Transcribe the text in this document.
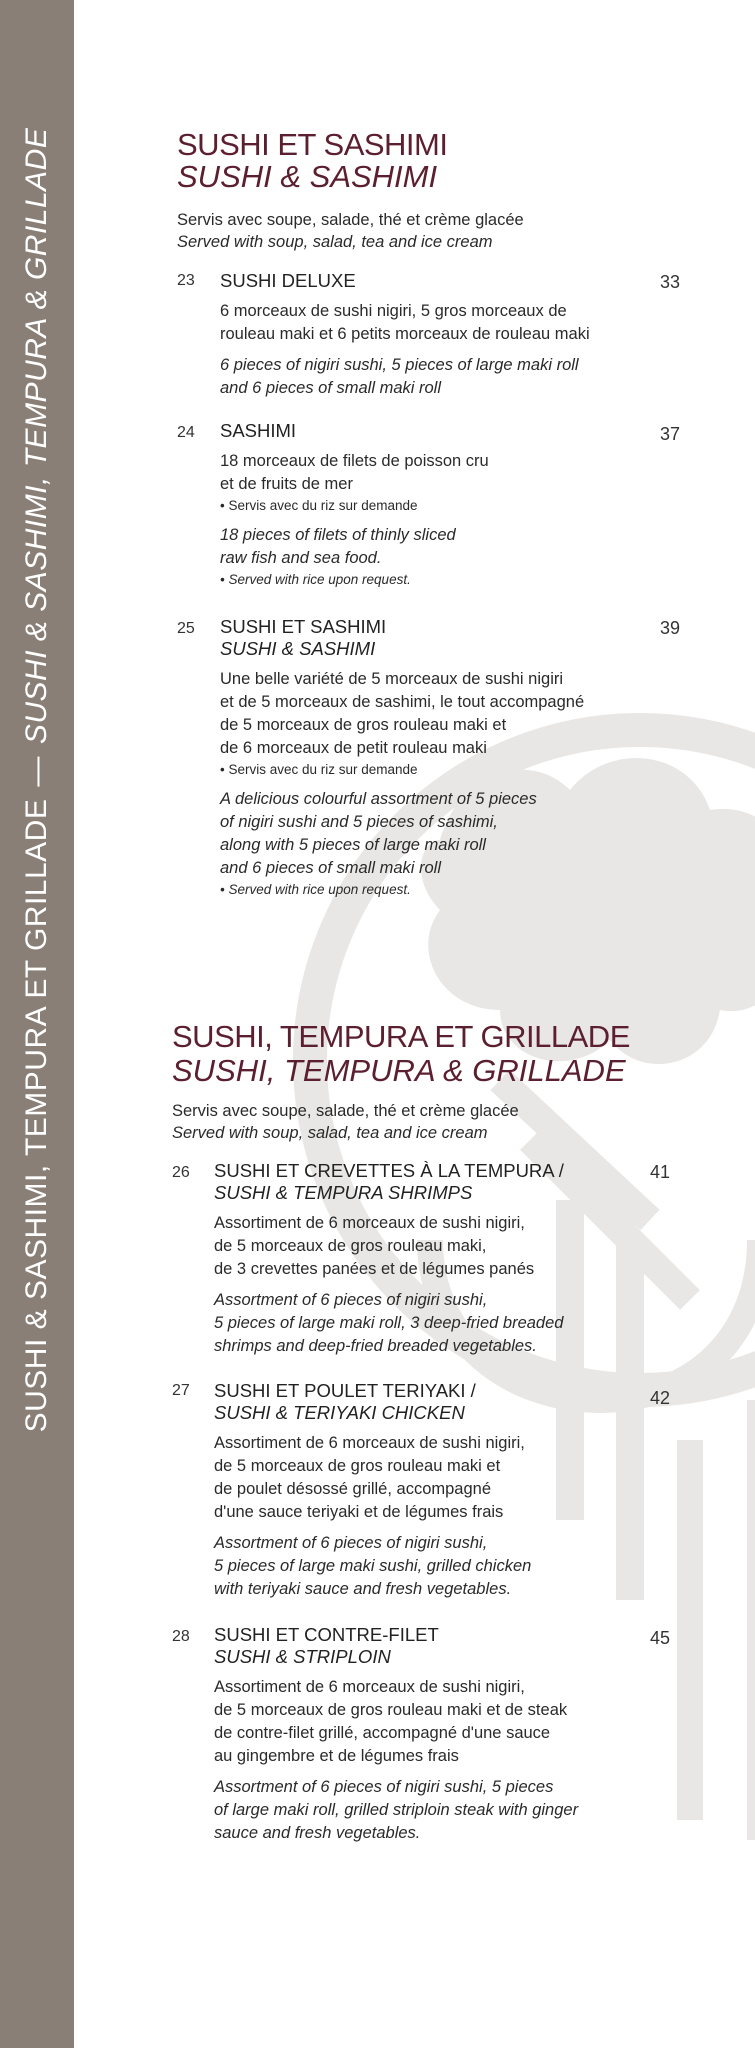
SUSHI & SASHIMI, TEMPURA ET GRILLADE—SUSHI & SASHIMI, TEMPURA & GRILLADE	SUSHI ET SASHIMI
SUSHI & SASHIMI
Servis avec soupe, salade, thé et crème glacée
Served with soup, salad, tea and ice cream
23	33
SUSHI DELUXE
6 morceaux de sushi nigiri, 5 gros morceaux de
rouleau maki et 6 petits morceaux de rouleau maki
6 pieces of nigiri sushi, 5 pieces of large maki roll
and 6 pieces of small maki roll
24	37
SASHIMI
18 morceaux de filets de poisson cru
et de fruits de mer
• Servis avec du riz sur demande
18 pieces of filets of thinly sliced
raw fish and sea food.
• Served with rice upon request.
25	39
SUSHI ET SASHIMI
SUSHI & SASHIMI
Une belle variété de 5 morceaux de sushi nigiri
et de 5 morceaux de sashimi, le tout accompagné
de 5 morceaux de gros rouleau maki et
de 6 morceaux de petit rouleau maki
• Servis avec du riz sur demande
A delicious colourful assortment of 5 pieces
of nigiri sushi and 5 pieces of sashimi,
along with 5 pieces of large maki roll
and 6 pieces of small maki roll
• Served with rice upon request.
SUSHI, TEMPURA ET GRILLADE
SUSHI, TEMPURA & GRILLADE
Servis avec soupe, salade, thé et crème glacée
Served with soup, salad, tea and ice cream
26	41
SUSHI ET CREVETTES À LA TEMPURA /
SUSHI & TEMPURA SHRIMPS
Assortiment de 6 morceaux de sushi nigiri,
de 5 morceaux de gros rouleau maki,
de 3 crevettes panées et de légumes panés
Assortment of 6 pieces of nigiri sushi,
5 pieces of large maki roll, 3 deep-fried breaded
shrimps and deep-fried breaded vegetables.
27	42
SUSHI ET POULET TERIYAKI /
SUSHI & TERIYAKI CHICKEN
Assortiment de 6 morceaux de sushi nigiri,
de 5 morceaux de gros rouleau maki et
de poulet désossé grillé, accompagné
d'une sauce teriyaki et de légumes frais
Assortment of 6 pieces of nigiri sushi,
5 pieces of large maki sushi, grilled chicken
with teriyaki sauce and fresh vegetables.
28	45
SUSHI ET CONTRE-FILET
SUSHI & STRIPLOIN
Assortiment de 6 morceaux de sushi nigiri,
de 5 morceaux de gros rouleau maki et de steak
de contre-filet grillé, accompagné d'une sauce
au gingembre et de légumes frais
Assortment of 6 pieces of nigiri sushi, 5 pieces
of large maki roll, grilled striploin steak with ginger
sauce and fresh vegetables.
